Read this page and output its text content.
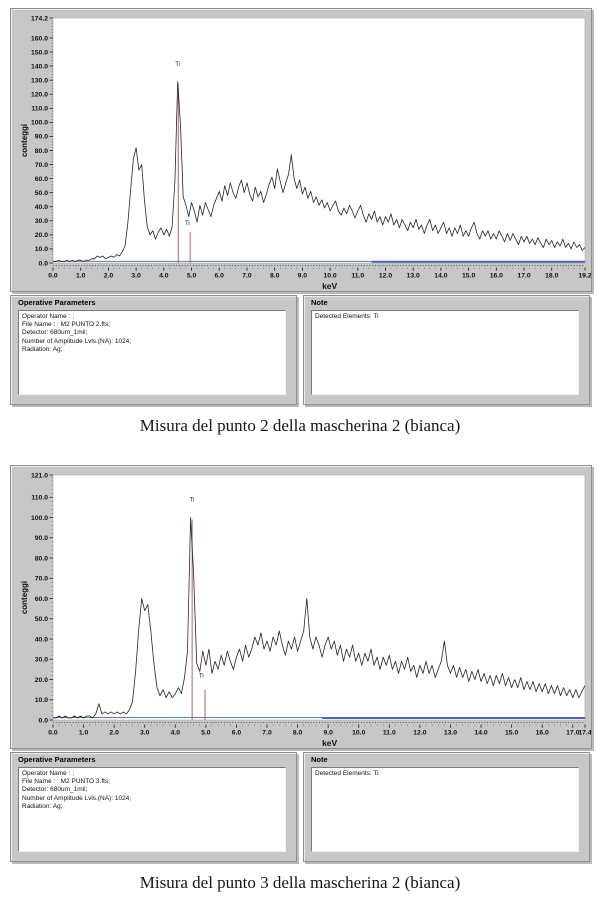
0.0
10.0
20.0
30.0
40.0
50.0
60.0
70.0
80.0
90.0
100.0
110.0
120.0
130.0
140.0
150.0
160.0
174.2
0.0	1.0	2.0	3.0	4.0	5.0	6.0	7.0	8.0	9.0 10.0 11.0 12.0 13.0 14.0 15.0 16.0 17.0 18.0	19.2
Ti
Ti
conteggi
keV
Operative Parameters
Operator Name : ;
File Name : : M2 PUNTO 2.fts;
Detector: 680um_1mil;
Number of Amplitude Lvls.(NA): 1024;
Radiation: Ag;
Note
Detected Elements: Ti
Misura del punto 2 della mascherina 2 (bianca)
0.0
10.0
20.0
30.0
40.0
50.0
60.0
70.0
80.0
90.0
100.0
110.0
121.0
0.0	1.0	2.0	3.0	4.0	5.0	6.0	7.0	8.0	9.0	10.0	11.0	12.0	13.0	14.0	15.0	16.0	17.0
17.4
Ti
Ti
conteggi
keV
Operative Parameters
Operator Name : ;
File Name : : M2 PUNTO 3.fts;
Detector: 680um_1mil;
Number of Amplitude Lvls.(NA): 1024;
Radiation: Ag;
Note
Detected Elements: Ti
Misura del punto 3 della mascherina 2 (bianca)
